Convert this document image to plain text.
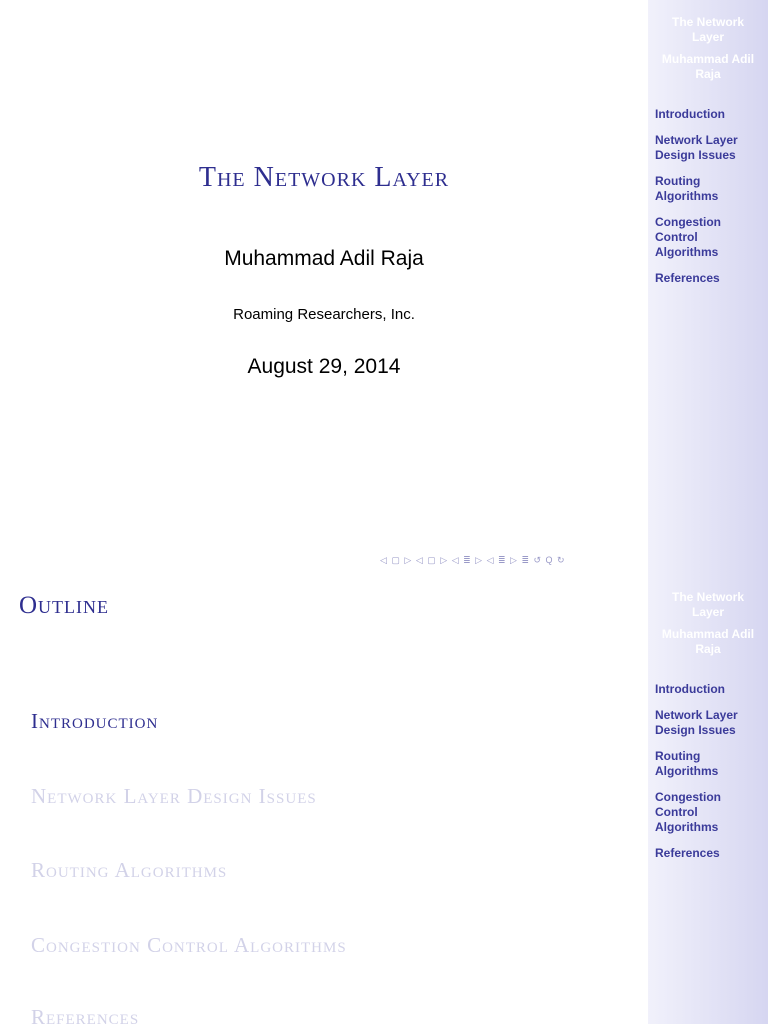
The Network Layer
Muhammad Adil Raja
Roaming Researchers, Inc.
August 29, 2014
◁ ▢ ▷ ◁ ▢ ▷ ◁ ≣ ▷ ◁ ≣ ▷ ≣ ↺ Q ↻
The Network Layer
Muhammad Adil Raja
Introduction
Network Layer
Design Issues
Routing
Algorithms
Congestion
Control
Algorithms
References
Outline
Introduction
Network Layer Design Issues
Routing Algorithms
Congestion Control Algorithms
References
The Network Layer
Muhammad Adil Raja
Introduction
Network Layer
Design Issues
Routing
Algorithms
Congestion
Control
Algorithms
References
